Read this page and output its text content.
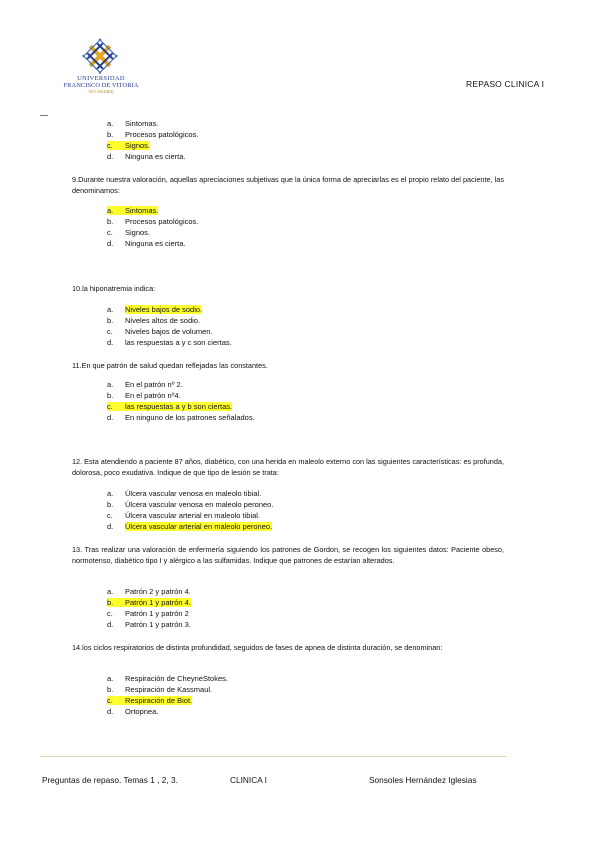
UNIVERSIDAD
FRANCISCO DE VITORIA
UFV MADRID
REPASO CLINICA I
a. Sintomas.
b. Procesos patológicos.
c. Signos.
d. Ninguna es cierta.
9.Durante nuestra valoración, aquellas apreciaciones subjetivas que la única forma de apreciarlas es el propio relato del paciente, las denominamos:
a. Sintomas.
b. Procesos patológicos.
c. Signos.
d. Ninguna es cierta.
10.la hiponatremia indica:
a. Niveles bajos de sodio.
b. Niveles altos de sodio.
c. Niveles bajos de volumen.
d. las respuestas a y c son ciertas.
11.En que patrón de salud quedan reflejadas las constantes.
a. En el patrón nº 2.
b. En el patrón nº4.
c. las respuestas a y b son ciertas.
d. En ninguno de los patrones señalados.
12. Esta atendiendo a paciente 87 años, diabético, con una herida en maleolo externo con las siguientes características: es profunda, dolorosa, poco exudativa. Indique de que tipo de lesión se trata:
a. Úlcera vascular venosa en maleolo tibial.
b. Úlcera vascular venosa en maleolo peroneo.
c. Úlcera vascular arterial en maleolo tibial.
d. Úlcera vascular arterial en maleolo peroneo.
13. Tras realizar una valoración de enfermería siguiendo los patrones de Gordon, se recogen los siguientes datos: Paciente obeso, normotenso, diabético tipo I y alérgico a las sulfamidas. Indique que patrones de estarían alterados.
a. Patrón 2 y patrón 4.
b. Patrón 1 y patrón 4.
c. Patrón 1 y patrón 2
d. Patrón 1 y patrón 3.
14.los ciclos respiratorios de distinta profundidad, seguidos de fases de apnea de distinta duración, se denominan:
a. Respiración de CheyneStokes.
b. Respiración de Kassmaul.
c. Respiración de Biot.
d. Ortopnea.
Preguntas de repaso. Temas 1 , 2, 3.	CLINICA I	Sonsoles Hernández Iglesias
